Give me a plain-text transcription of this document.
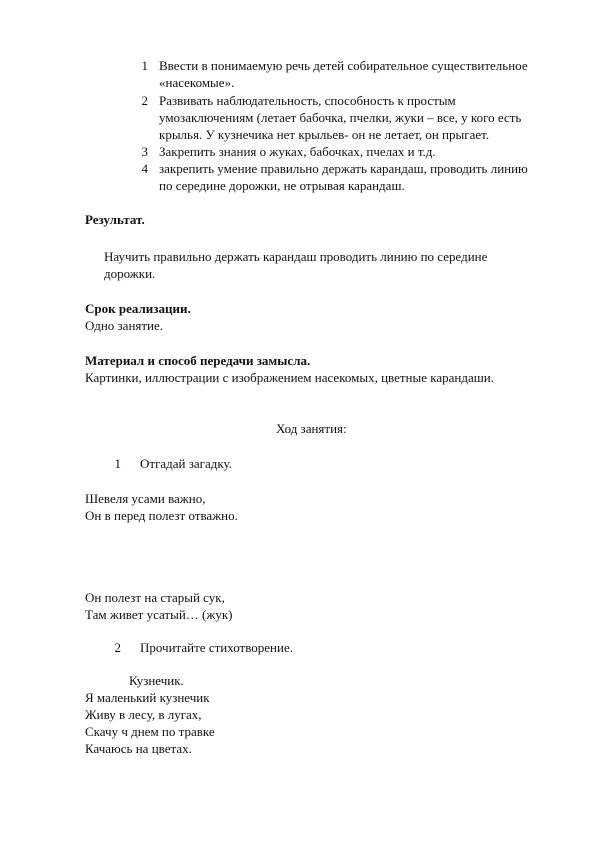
1 Ввести в понимаемую речь детей собирательное существительное
«насекомые».
2 Развивать наблюдательность, способность к простым
умозаключениям (летает бабочка, пчелки, жуки – все, у кого есть
крылья. У кузнечика нет крыльев- он не летает, он прыгает.
3 Закрепить знания о жуках, бабочках, пчелах и т.д.
4 закрепить умение правильно держать карандаш, проводить линию
по середине дорожки, не отрывая карандаш.
Результат.
Научить правильно держать карандаш проводить линию по середине
дорожки.
Срок реализации.
Одно занятие.
Материал и способ передачи замысла.
Картинки, иллюстрации с изображением насекомых, цветные карандаши.
Ход занятия:
1 Отгадай загадку.
Шевеля усами важно,
Он в перед полезт отважно.
Он полезт на старый сук,
Там живет усатый… (жук)
2 Прочитайте стихотворение.
Кузнечик.
Я маленький кузнечик
Живу в лесу, в лугах,
Скачу ч днем по травке
Качаюсь на цветах.
